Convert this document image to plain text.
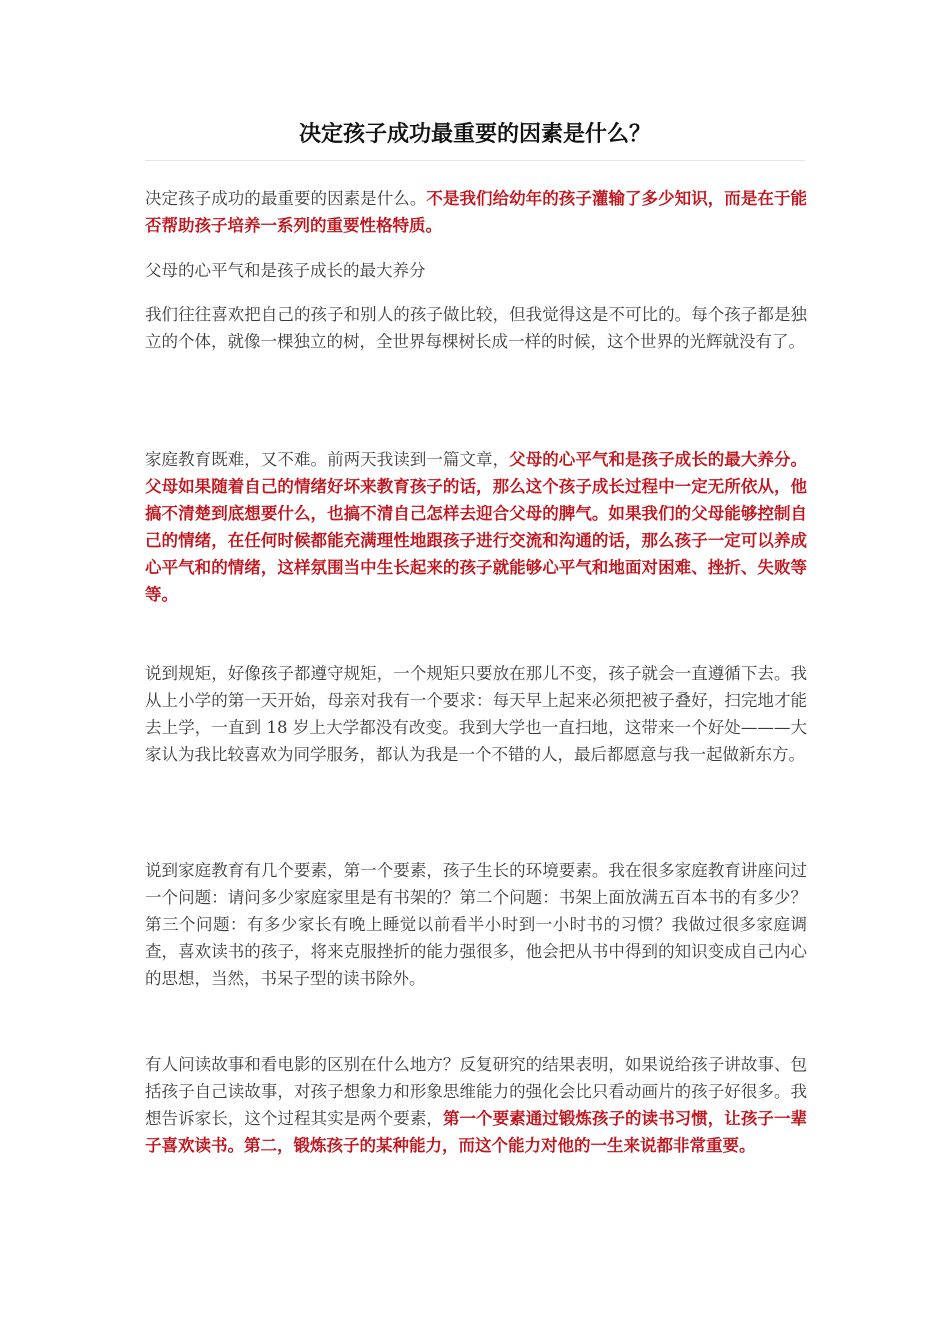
决定孩子成功最重要的因素是什么？

决定孩子成功的最重要的因素是什么。不是我们给幼年的孩子灌输了多少知识，而是在于能否帮助孩子培养一系列的重要性格特质。

父母的心平气和是孩子成长的最大养分

我们往往喜欢把自己的孩子和别人的孩子做比较，但我觉得这是不可比的。每个孩子都是独立的个体，就像一棵独立的树，全世界每棵树长成一样的时候，这个世界的光辉就没有了。

家庭教育既难，又不难。前两天我读到一篇文章，父母的心平气和是孩子成长的最大养分。父母如果随着自己的情绪好坏来教育孩子的话，那么这个孩子成长过程中一定无所依从，他搞不清楚到底想要什么，也搞不清自己怎样去迎合父母的脾气。如果我们的父母能够控制自己的情绪，在任何时候都能充满理性地跟孩子进行交流和沟通的话，那么孩子一定可以养成心平气和的情绪，这样氛围当中生长起来的孩子就能够心平气和地面对困难、挫折、失败等等。

说到规矩，好像孩子都遵守规矩，一个规矩只要放在那儿不变，孩子就会一直遵循下去。我从上小学的第一天开始，母亲对我有一个要求：每天早上起来必须把被子叠好，扫完地才能去上学，一直到 18 岁上大学都没有改变。我到大学也一直扫地，这带来一个好处———大家认为我比较喜欢为同学服务，都认为我是一个不错的人，最后都愿意与我一起做新东方。

说到家庭教育有几个要素，第一个要素，孩子生长的环境要素。我在很多家庭教育讲座问过一个问题：请问多少家庭家里是有书架的？第二个问题：书架上面放满五百本书的有多少？第三个问题：有多少家长有晚上睡觉以前看半小时到一小时书的习惯？我做过很多家庭调查，喜欢读书的孩子，将来克服挫折的能力强很多，他会把从书中得到的知识变成自己内心的思想，当然，书呆子型的读书除外。

有人问读故事和看电影的区别在什么地方？反复研究的结果表明，如果说给孩子讲故事、包括孩子自己读故事，对孩子想象力和形象思维能力的强化会比只看动画片的孩子好很多。我想告诉家长，这个过程其实是两个要素，第一个要素通过锻炼孩子的读书习惯，让孩子一辈子喜欢读书。第二，锻炼孩子的某种能力，而这个能力对他的一生来说都非常重要。
